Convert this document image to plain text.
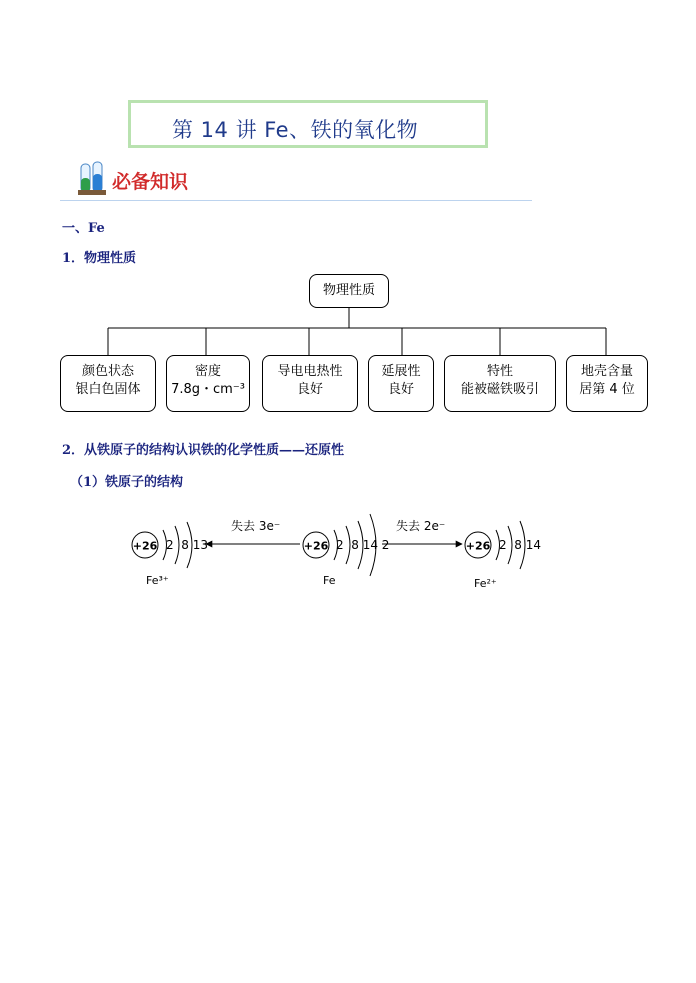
第 14 讲 Fe、铁的氧化物
必备知识
一、Fe
1．物理性质
物理性质
颜色状态
银白色固体
密度
7.8g・cm⁻³
导电电热性
良好
延展性
良好
特性
能被磁铁吸引
地壳含量
居第 4 位
2．从铁原子的结构认识铁的化学性质——还原性
（1）铁原子的结构
+26 2  8 13
Fe³⁺
+26 2  8 14 2
Fe
+26 2  8 14
Fe²⁺
失去 3e⁻	失去 2e⁻
